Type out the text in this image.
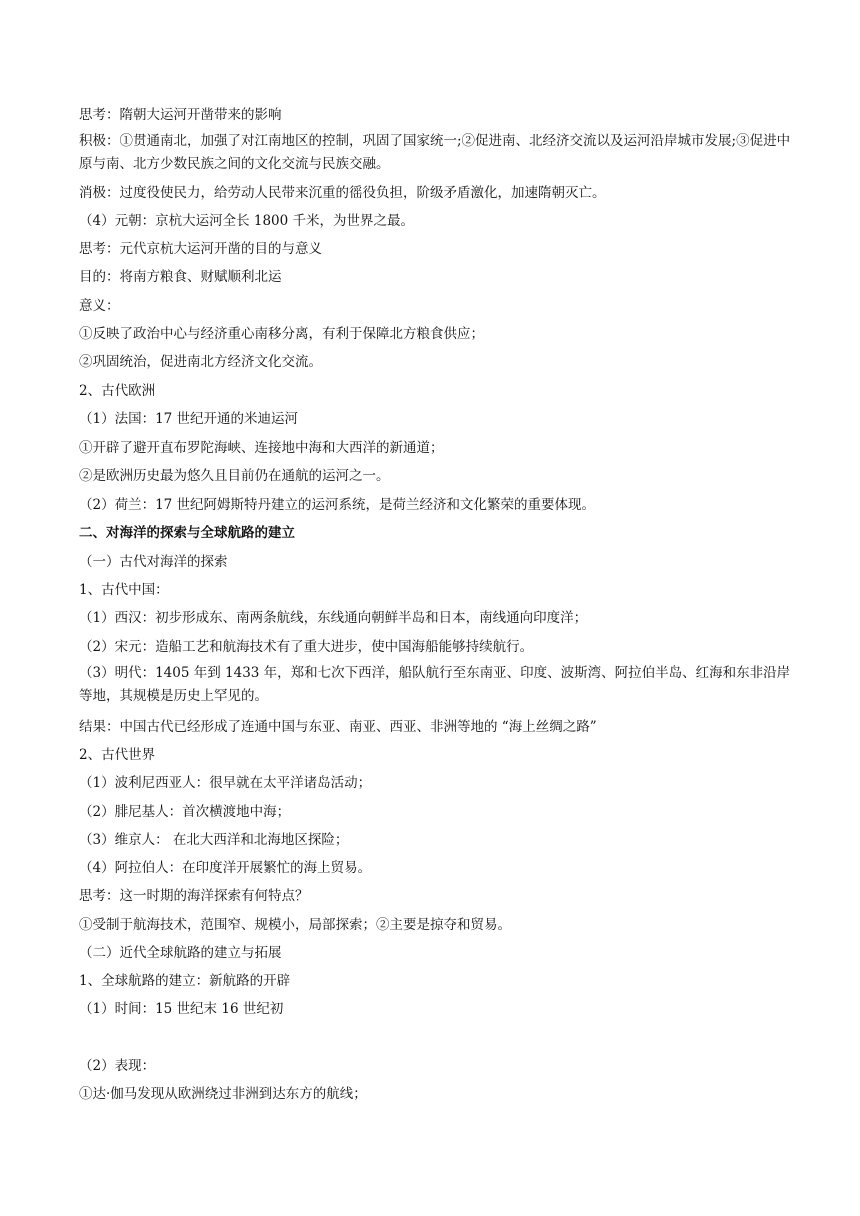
思考：隋朝大运河开凿带来的影响
积极：①贯通南北，加强了对江南地区的控制，巩固了国家统一;②促进南、北经济交流以及运河沿岸城市发展;③促进中原与南、北方少数民族之间的文化交流与民族交融。
消极：过度役使民力，给劳动人民带来沉重的徭役负担，阶级矛盾激化，加速隋朝灭亡。
（4）元朝：京杭大运河全长 1800 千米，为世界之最。
思考：元代京杭大运河开凿的目的与意义
目的：将南方粮食、财赋顺利北运
意义：
①反映了政治中心与经济重心南移分离，有利于保障北方粮食供应；
②巩固统治，促进南北方经济文化交流。
2、古代欧洲
（1）法国：17 世纪开通的米迪运河
①开辟了避开直布罗陀海峡、连接地中海和大西洋的新通道；
②是欧洲历史最为悠久且目前仍在通航的运河之一。
（2）荷兰：17 世纪阿姆斯特丹建立的运河系统，是荷兰经济和文化繁荣的重要体现。
二、对海洋的探索与全球航路的建立
（一）古代对海洋的探索
1、古代中国：
（1）西汉：初步形成东、南两条航线，东线通向朝鲜半岛和日本，南线通向印度洋；
（2）宋元：造船工艺和航海技术有了重大进步，使中国海船能够持续航行。
（3）明代：1405 年到 1433 年，郑和七次下西洋，船队航行至东南亚、印度、波斯湾、阿拉伯半岛、红海和东非沿岸等地，其规模是历史上罕见的。
结果：中国古代已经形成了连通中国与东亚、南亚、西亚、非洲等地的 “海上丝绸之路”
2、古代世界
（1）波利尼西亚人：很早就在太平洋诸岛活动；
（2）腓尼基人：首次横渡地中海；
（3）维京人： 在北大西洋和北海地区探险；
（4）阿拉伯人：在印度洋开展繁忙的海上贸易。
思考：这一时期的海洋探索有何特点？
①受制于航海技术，范围窄、规模小，局部探索；②主要是掠夺和贸易。
（二）近代全球航路的建立与拓展
1、全球航路的建立：新航路的开辟
（1）时间：15 世纪末 16 世纪初
（2）表现：
①达·伽马发现从欧洲绕过非洲到达东方的航线；
